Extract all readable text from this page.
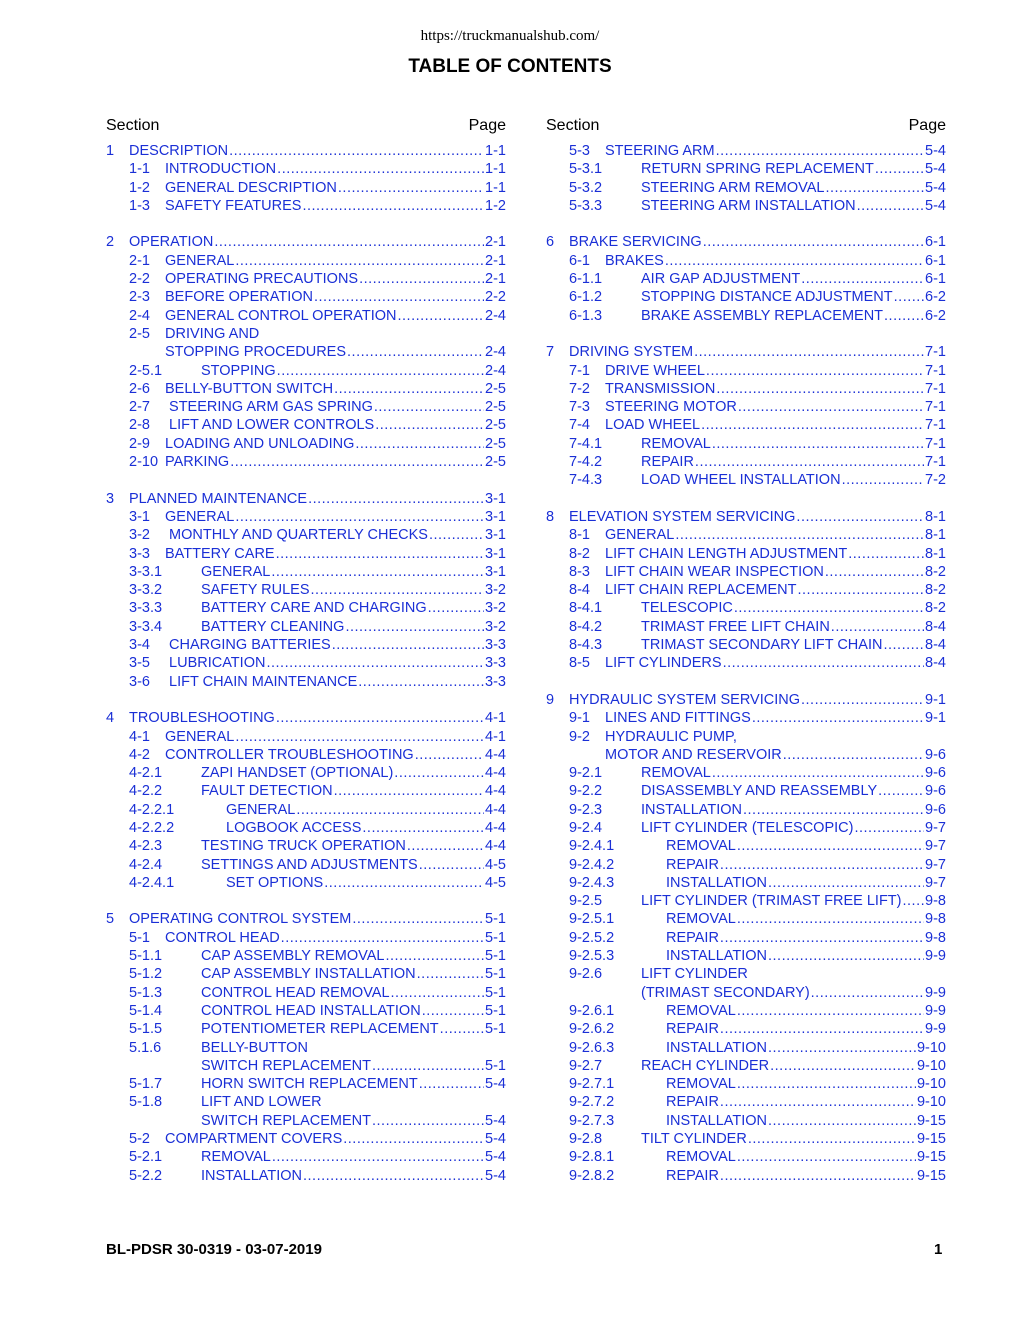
https://truckmanualshub.com/
TABLE OF CONTENTS
Section	Page
1	DESCRIPTION .....	1-1
1-1	INTRODUCTION .....	1-1
1-2	GENERAL DESCRIPTION .....	1-1
1-3	SAFETY FEATURES .....	1-2
2	OPERATION .....	2-1
2-1	GENERAL .....	2-1
2-2	OPERATING PRECAUTIONS .....	2-1
2-3	BEFORE OPERATION .....	2-2
2-4	GENERAL CONTROL OPERATION .....	2-4
2-5	DRIVING AND
STOPPING PROCEDURES .....	2-4
2-5.1	STOPPING .....	2-4
2-6	BELLY-BUTTON SWITCH .....	2-5
2-7	STEERING ARM GAS SPRING .....	2-5
2-8	LIFT AND LOWER CONTROLS .....	2-5
2-9	LOADING AND UNLOADING .....	2-5
2-10 PARKING .....	2-5
3	PLANNED MAINTENANCE .....	3-1
3-1	GENERAL .....	3-1
3-2	MONTHLY AND QUARTERLY CHECKS .....	3-1
3-3	BATTERY CARE .....	3-1
3-3.1	GENERAL .....	3-1
3-3.2	SAFETY RULES .....	3-2
3-3.3	BATTERY CARE AND CHARGING .....	3-2
3-3.4	BATTERY CLEANING .....	3-2
3-4	CHARGING BATTERIES .....	3-3
3-5	LUBRICATION .....	3-3
3-6	LIFT CHAIN MAINTENANCE .....	3-3
4	TROUBLESHOOTING .....	4-1
4-1	GENERAL .....	4-1
4-2	CONTROLLER TROUBLESHOOTING .....	4-4
4-2.1	ZAPI HANDSET (OPTIONAL) .....	4-4
4-2.2	FAULT DETECTION .....	4-4
4-2.2.1	GENERAL .....	4-4
4-2.2.2	LOGBOOK ACCESS .....	4-4
4-2.3	TESTING TRUCK OPERATION .....	4-4
4-2.4	SETTINGS AND ADJUSTMENTS .....	4-5
4-2.4.1	SET OPTIONS .....	4-5
5	OPERATING CONTROL SYSTEM .....	5-1
5-1	CONTROL HEAD .....	5-1
5-1.1	CAP ASSEMBLY REMOVAL .....	5-1
5-1.2	CAP ASSEMBLY INSTALLATION .....	5-1
5-1.3	CONTROL HEAD REMOVAL .....	5-1
5-1.4	CONTROL HEAD INSTALLATION .....	5-1
5-1.5	POTENTIOMETER REPLACEMENT .....	5-1
5.1.6	BELLY-BUTTON
SWITCH REPLACEMENT .....	5-1
5-1.7	HORN SWITCH REPLACEMENT .....	5-4
5-1.8	LIFT AND LOWER
SWITCH REPLACEMENT .....	5-4
5-2	COMPARTMENT COVERS .....	5-4
5-2.1	REMOVAL .....	5-4
5-2.2	INSTALLATION .....	5-4
Section	Page
5-3	STEERING ARM .....	5-4
5-3.1	RETURN SPRING REPLACEMENT .....	5-4
5-3.2	STEERING ARM REMOVAL .....	5-4
5-3.3	STEERING ARM INSTALLATION .....	5-4
6	BRAKE SERVICING .....	6-1
6-1	BRAKES .....	6-1
6-1.1	AIR GAP ADJUSTMENT .....	6-1
6-1.2	STOPPING DISTANCE ADJUSTMENT ..... 6-2
6-1.3	BRAKE ASSEMBLY REPLACEMENT .....	6-2
7	DRIVING SYSTEM .....	7-1
7-1	DRIVE WHEEL .....	7-1
7-2	TRANSMISSION .....	7-1
7-3	STEERING MOTOR .....	7-1
7-4	LOAD WHEEL .....	7-1
7-4.1	REMOVAL .....	7-1
7-4.2	REPAIR .....	7-1
7-4.3	LOAD WHEEL INSTALLATION .....	7-2
8	ELEVATION SYSTEM SERVICING .....	8-1
8-1	GENERAL .....	8-1
8-2	LIFT CHAIN LENGTH ADJUSTMENT .....	8-1
8-3	LIFT CHAIN WEAR INSPECTION .....	8-2
8-4	LIFT CHAIN REPLACEMENT .....	8-2
8-4.1	TELESCOPIC .....	8-2
8-4.2	TRIMAST FREE LIFT CHAIN .....	8-4
8-4.3	TRIMAST SECONDARY LIFT CHAIN .....	8-4
8-5	LIFT CYLINDERS .....	8-4
9	HYDRAULIC SYSTEM SERVICING .....	9-1
9-1	LINES AND FITTINGS .....	9-1
9-2	HYDRAULIC PUMP,
MOTOR AND RESERVOIR .....	9-6
9-2.1	REMOVAL .....	9-6
9-2.2	DISASSEMBLY AND REASSEMBLY .....	9-6
9-2.3	INSTALLATION .....	9-6
9-2.4	LIFT CYLINDER (TELESCOPIC) .....	9-7
9-2.4.1	REMOVAL .....	9-7
9-2.4.2	REPAIR .....	9-7
9-2.4.3	INSTALLATION .....	9-7
9-2.5	LIFT CYLINDER (TRIMAST FREE LIFT) ..... 9-8
9-2.5.1	REMOVAL .....	9-8
9-2.5.2	REPAIR .....	9-8
9-2.5.3	INSTALLATION .....	9-9
9-2.6	LIFT CYLINDER
(TRIMAST SECONDARY) .....	9-9
9-2.6.1	REMOVAL .....	9-9
9-2.6.2	REPAIR .....	9-9
9-2.6.3	INSTALLATION .....	9-10
9-2.7	REACH CYLINDER .....	9-10
9-2.7.1	REMOVAL .....	9-10
9-2.7.2	REPAIR .....	9-10
9-2.7.3	INSTALLATION .....	9-15
9-2.8	TILT CYLINDER .....	9-15
9-2.8.1	REMOVAL .....	9-15
9-2.8.2	REPAIR .....	9-15
BL-PDSR 30-0319 - 03-07-2019	1
